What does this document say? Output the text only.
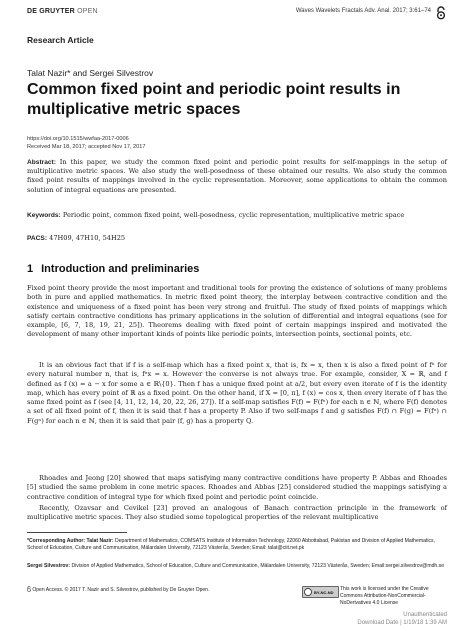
DE GRUYTER OPEN	Waves Wavelets Fractals Adv. Anal. 2017; 3:61–74
Research Article
Talat Nazir* and Sergei Silvestrov
Common fixed point and periodic point results in multiplicative metric spaces
https://doi.org/10.1515/wwfaa-2017-0006
Received Mar 18, 2017; accepted Nov 17, 2017

Abstract: In this paper, we study the common fixed point and periodic point results for self-mappings in the setup of multiplicative metric spaces. We also study the well-posedness of these obtained our results. We also study the common fixed point results of mappings involved in the cyclic representation. Moreover, some applications to obtain the common solution of integral equations are presented.

Keywords: Periodic point, common fixed point, well-posedness, cyclic representation, multiplicative metric space

PACS: 47H09, 47H10, 54H25

1 Introduction and preliminaries

Fixed point theory provide the most important and traditional tools for proving the existence of solutions of many problems both in pure and applied mathematics. In metric fixed point theory, the interplay between contractive condition and the existence and uniqueness of a fixed point has been very strong and fruitful. The study of fixed points of mappings which satisfy certain contractive conditions has primary applications in the solution of differential and integral equations (see for example, [6, 7, 18, 19, 21, 25]). Theorems dealing with fixed point of certain mappings inspired and motivated the development of many other important kinds of points like periodic points, intersection points, sectional points, etc.

It is an obvious fact that if f is a self-map which has a fixed point x, that is, fx = x, then x is also a fixed point of fⁿ for every natural number n, that is, fⁿx = x. However the converse is not always true. For example, consider, X = ℝ, and f defined as f (x) = a − x for some a ∈ ℝ\{0}. Then f has a unique fixed point at a/2, but every even iterate of f is the identity map, which has every point of ℝ as a fixed point. On the other hand, if X = [0, π], f (x) = cos x, then every iterate of f has the same fixed point as f (see [4, 11, 12, 14, 20, 22, 26, 27]). If a self-map satisfies F(f) = F(fⁿ) for each n ∈ ℕ, where F(f) denotes a set of all fixed point of f, then it is said that f has a property P. Also if two self-maps f and g satisfies F(f) ∩ F(g) = F(fⁿ) ∩ F(gⁿ) for each n ∈ ℕ, then it is said that pair (f, g) has a property Q.

Rhoades and Jeong [20] showed that maps satisfying many contractive conditions have property P. Abbas and Rhoades [5] studied the same problem in cone metric spaces. Rhoades and Abbas [25] considered studied the mappings satisfying a contractive condition of integral type for which fixed point and periodic point coincide.

Recently, Ozavsar and Cevikel [23] proved an analogous of Banach contraction principle in the framework of multiplicative metric spaces. They also studied some topological properties of the relevant multiplicative

*Corresponding Author: Talat Nazir: Department of Mathematics, COMSATS Institute of Information Technology, 22060 Abbottabad, Pakistan and Division of Applied Mathematics, School of Education, Culture and Communication, Mälardalen University, 72123 Västerås, Sweden; Email: talat@ciit.net.pk

Sergei Silvestrov: Division of Applied Mathematics, School of Education, Culture and Communication, Mälardalen University, 72123 Västerås, Sweden; Email:sergei.silvestrov@mdh.se

Open Access. © 2017 T. Nazir and S. Silvestrov, published by De Gruyter Open.	BY-NC-ND
This work is licensed under the Creative Commons Attribution-NonCommercial-NoDerivatives 4.0 License
Unauthenticated
Download Date | 1/19/18 1:39 AM
